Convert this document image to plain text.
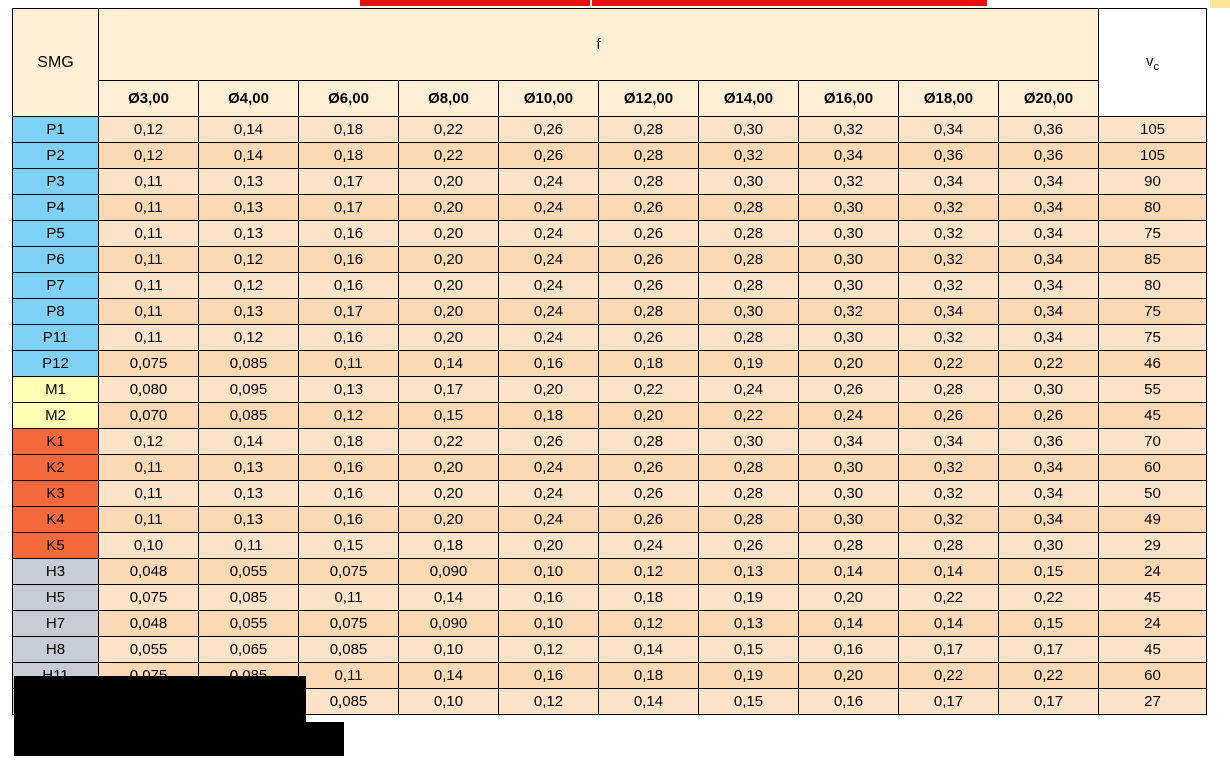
SMG	f										$v_c$
	Ø3,00	Ø4,00	Ø6,00	Ø8,00	Ø10,00	Ø12,00	Ø14,00	Ø16,00	Ø18,00	Ø20,00	
P1	0,12	0,14	0,18	0,22	0,26	0,28	0,30	0,32	0,34	0,36	105
P2	0,12	0,14	0,18	0,22	0,26	0,28	0,32	0,34	0,36	0,36	105
P3	0,11	0,13	0,17	0,20	0,24	0,28	0,30	0,32	0,34	0,34	90
P4	0,11	0,13	0,17	0,20	0,24	0,26	0,28	0,30	0,32	0,34	80
P5	0,11	0,13	0,16	0,20	0,24	0,26	0,28	0,30	0,32	0,34	75
P6	0,11	0,12	0,16	0,20	0,24	0,26	0,28	0,30	0,32	0,34	85
P7	0,11	0,12	0,16	0,20	0,24	0,26	0,28	0,30	0,32	0,34	80
P8	0,11	0,13	0,17	0,20	0,24	0,28	0,30	0,32	0,34	0,34	75
P11	0,11	0,12	0,16	0,20	0,24	0,26	0,28	0,30	0,32	0,34	75
P12	0,075	0,085	0,11	0,14	0,16	0,18	0,19	0,20	0,22	0,22	46
M1	0,080	0,095	0,13	0,17	0,20	0,22	0,24	0,26	0,28	0,30	55
M2	0,070	0,085	0,12	0,15	0,18	0,20	0,22	0,24	0,26	0,26	45
K1	0,12	0,14	0,18	0,22	0,26	0,28	0,30	0,34	0,34	0,36	70
K2	0,11	0,13	0,16	0,20	0,24	0,26	0,28	0,30	0,32	0,34	60
K3	0,11	0,13	0,16	0,20	0,24	0,26	0,28	0,30	0,32	0,34	50
K4	0,11	0,13	0,16	0,20	0,24	0,26	0,28	0,30	0,32	0,34	49
K5	0,10	0,11	0,15	0,18	0,20	0,24	0,26	0,28	0,28	0,30	29
H3	0,048	0,055	0,075	0,090	0,10	0,12	0,13	0,14	0,14	0,15	24
H5	0,075	0,085	0,11	0,14	0,16	0,18	0,19	0,20	0,22	0,22	45
H7	0,048	0,055	0,075	0,090	0,10	0,12	0,13	0,14	0,14	0,15	24
H8	0,055	0,065	0,085	0,10	0,12	0,14	0,15	0,16	0,17	0,17	45
			0,11	0,14	0,16	0,18	0,19	0,20	0,22	0,22	60
			0,085	0,10	0,12	0,14	0,15	0,16	0,17	0,17	27
